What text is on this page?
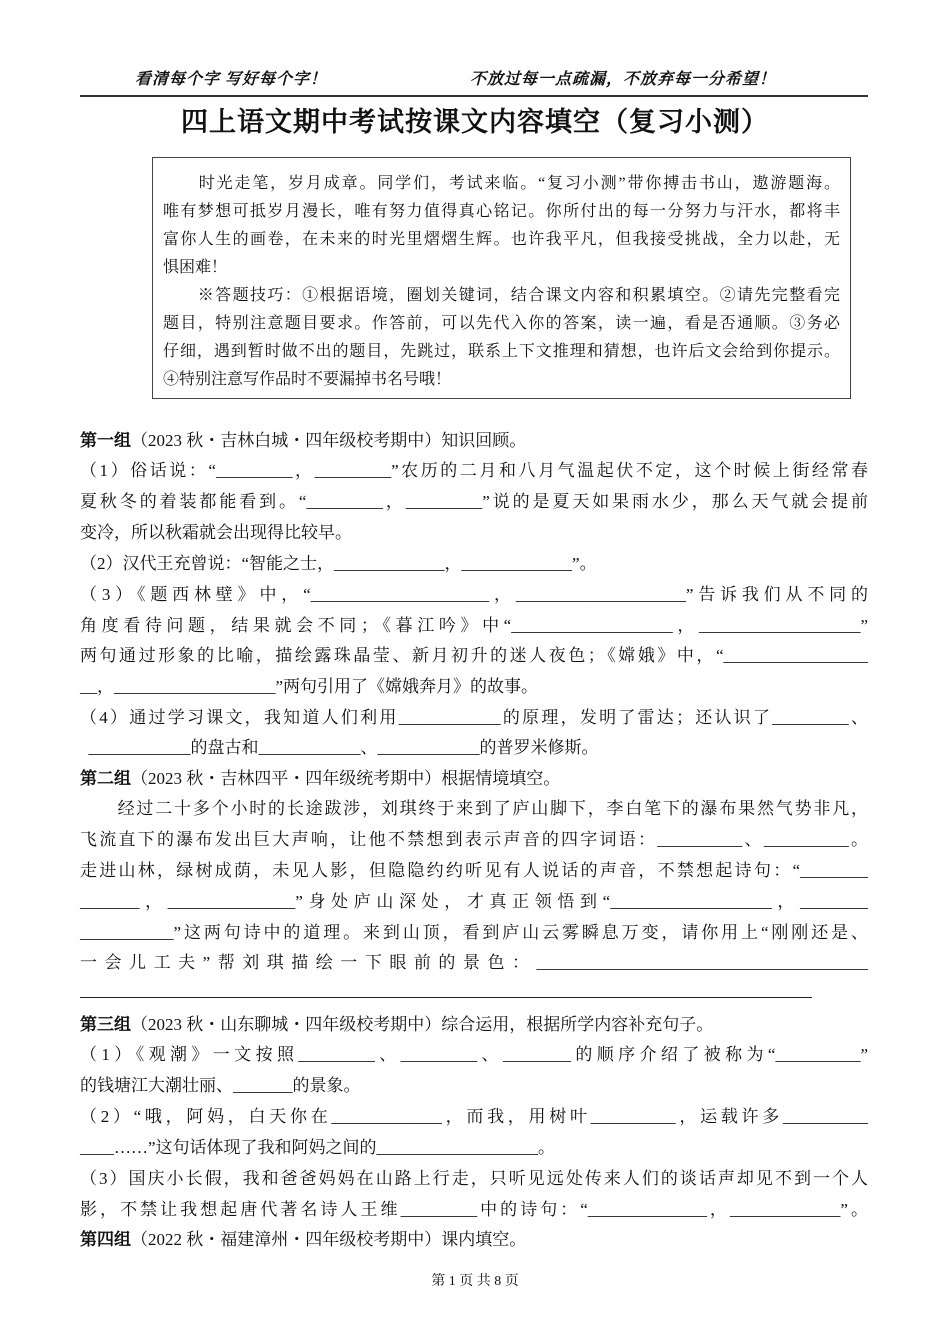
看清每个字 写好每个字！	不放过每一点疏漏，不放弃每一分希望！
四上语文期中考试按课文内容填空（复习小测）
　　时光走笔，岁月成章。同学们，考试来临。“复习小测”带你搏击书山，遨游题海。
唯有梦想可抵岁月漫长，唯有努力值得真心铭记。你所付出的每一分努力与汗水，都将丰
富你人生的画卷，在未来的时光里熠熠生辉。也许我平凡，但我接受挑战，全力以赴，无
惧困难！
　　※答题技巧：①根据语境，圈划关键词，结合课文内容和积累填空。②请先完整看完
题目，特别注意题目要求。作答前，可以先代入你的答案，读一遍，看是否通顺。③务必
仔细，遇到暂时做不出的题目，先跳过，联系上下文推理和猜想，也许后文会给到你提示。
④特别注意写作品时不要漏掉书名号哦！
第一组（2023 秋・吉林白城・四年级校考期中）知识回顾。
（1）俗话说：“_________，_________”农历的二月和八月气温起伏不定，这个时候上街经常春
夏秋冬的着装都能看到。“_________，_________”说的是夏天如果雨水少，那么天气就会提前
变冷，所以秋霜就会出现得比较早。
（2）汉代王充曾说：“智能之士，_____________，_____________”。
（3）《题西林壁》中，“_____________________，____________________”告诉我们从不同的
角度看待问题，结果就会不同；《暮江吟》中“___________________，___________________”
两句通过形象的比喻，描绘露珠晶莹、新月初升的迷人夜色；《嫦娥》中，“_________________
__，___________________”两句引用了《嫦娥奔月》的故事。
（4）通过学习课文，我知道人们利用____________的原理，发明了雷达；还认识了_________、
____________的盘古和____________、____________的普罗米修斯。
第二组（2023 秋・吉林四平・四年级统考期中）根据情境填空。
　　经过二十多个小时的长途跋涉，刘琪终于来到了庐山脚下，李白笔下的瀑布果然气势非凡，
飞流直下的瀑布发出巨大声响，让他不禁想到表示声音的四字词语：__________、__________。
走进山林，绿树成荫，未见人影，但隐隐约约听见有人说话的声音，不禁想起诗句：“________
_______，_______________”身处庐山深处，才真正领悟到“___________________，________
___________”这两句诗中的道理。来到山顶，看到庐山云雾瞬息万变，请你用上“刚刚还是、
一会儿工夫”帮刘琪描绘一下眼前的景色：_______________________________________
第三组（2023 秋・山东聊城・四年级校考期中）综合运用，根据所学内容补充句子。
（1）《观潮》一文按照_________、_________、________的顺序介绍了被称为“__________”
的钱塘江大潮壮丽、_______的景象。
（2）“哦，阿妈，白天你在_____________，而我，用树叶__________，运载许多__________
____……”这句话体现了我和阿妈之间的___________________。
（3）国庆小长假，我和爸爸妈妈在山路上行走，只听见远处传来人们的谈话声却见不到一个人
影，不禁让我想起唐代著名诗人王维_________中的诗句：“______________，_____________”。
第四组（2022 秋・福建漳州・四年级校考期中）课内填空。
第 1 页 共 8 页
